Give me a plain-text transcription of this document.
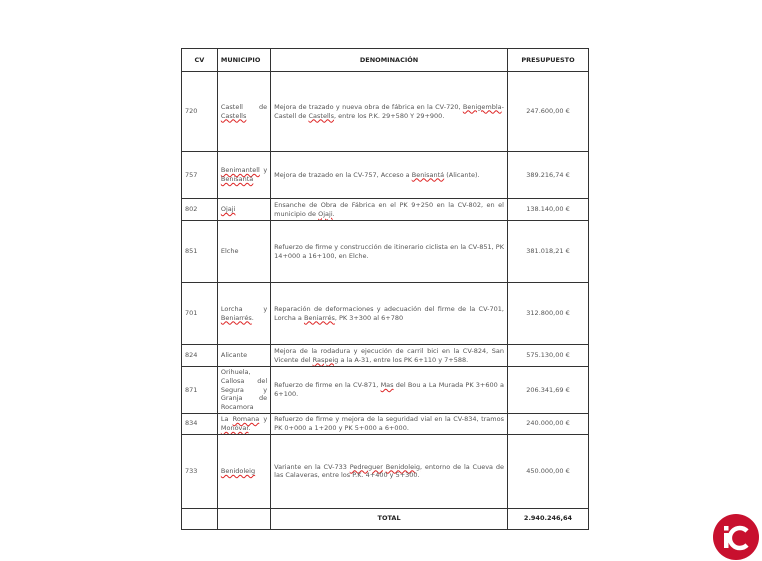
CV	MUNICIPIO	DENOMINACIÓN	PRESUPUESTO
720	Castell de Castells	Mejora de trazado y nueva obra de fábrica en la CV-720, Benigembla-Castell de Castells, entre los P.K. 29+580 Y 29+900.	247.600,00 €
757	Benimantell y Benisantá	Mejora de trazado en la CV-757, Acceso a Benisantá (Alicante).	389.216,74 €
802	Ojaji	Ensanche de Obra de Fábrica en el PK 9+250 en la CV-802, en el municipio de Ojaji.	138.140,00 €
851	Elche	Refuerzo de firme y construcción de itinerario ciclista en la CV-851, PK 14+000 a 16+100, en Elche.	381.018,21 €
701	Lorcha y Beniarrés.	Reparación de deformaciones y adecuación del firme de la CV-701, Lorcha a Beniarrés, PK 3+300 al 6+780	312.800,00 €
824	Alicante	Mejora de la rodadura y ejecución de carril bici en la CV-824, San Vicente del Raspeig a la A-31, entre los PK 6+110 y 7+588.	575.130,00 €
871	Orihuela, Callosa del Segura y Granja de Rocamora	Refuerzo de firme en la CV-871, Mas del Bou a La Murada PK 3+600 a 6+100.	206.341,69 €
834	La Romana y Monóvar.	Refuerzo de firme y mejora de la seguridad vial en la CV-834, tramos PK 0+000 a 1+200 y PK 5+000 a 6+000.	240.000,00 €
733	Benidoleig	Variante en la CV-733 Pedreguer Benidoleig, entorno de la Cueva de las Calaveras, entre los P.K. 4+400 y 5+300.	450.000,00 €
		TOTAL	2.940.246,64
